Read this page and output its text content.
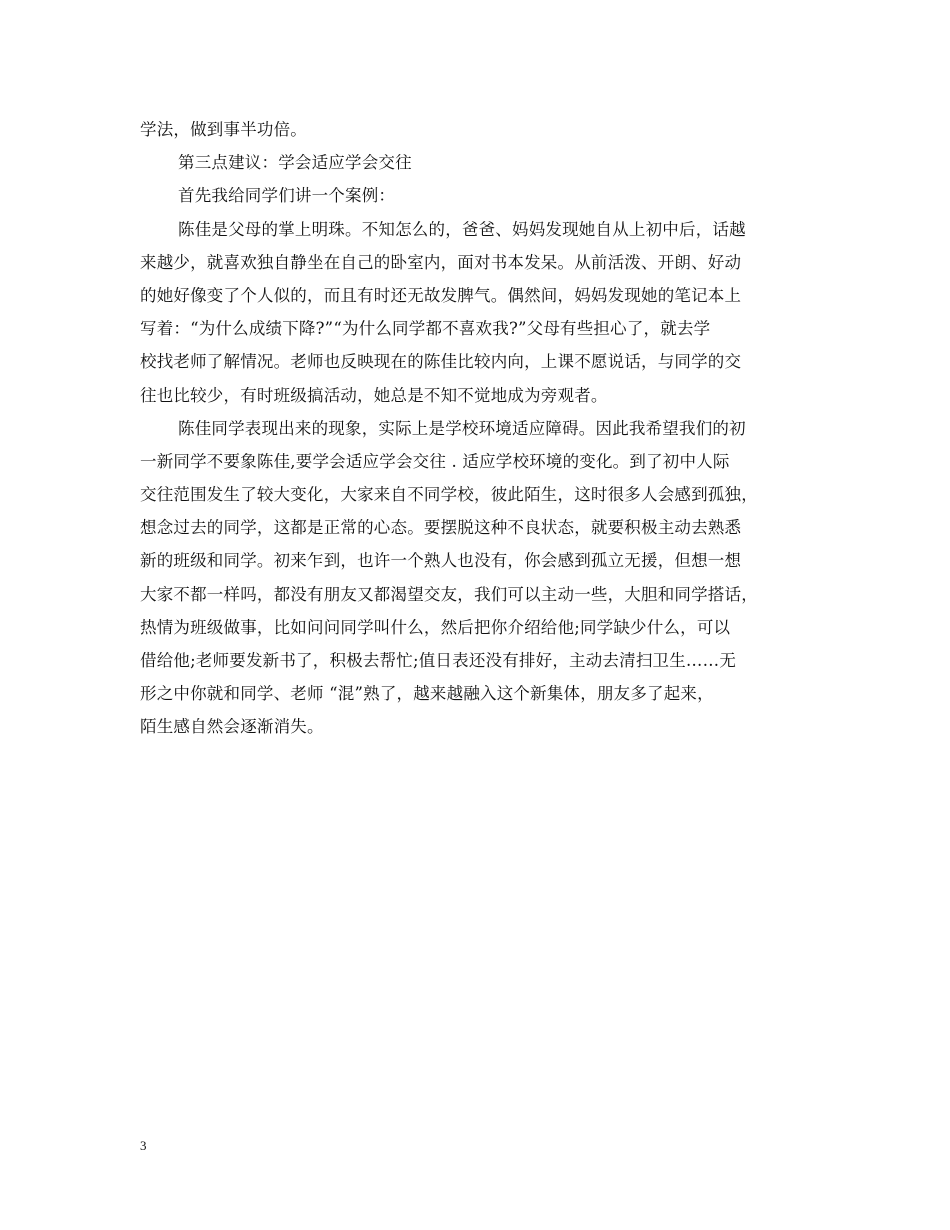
学法，做到事半功倍。
第三点建议：学会适应学会交往
首先我给同学们讲一个案例：
陈佳是父母的掌上明珠。不知怎么的，爸爸、妈妈发现她自从上初中后，话越
来越少，就喜欢独自静坐在自己的卧室内，面对书本发呆。从前活泼、开朗、好动
的她好像变了个人似的，而且有时还无故发脾气。偶然间，妈妈发现她的笔记本上
写着：“为什么成绩下降?”“为什么同学都不喜欢我?”父母有些担心了，就去学
校找老师了解情况。老师也反映现在的陈佳比较内向，上课不愿说话，与同学的交
往也比较少，有时班级搞活动，她总是不知不觉地成为旁观者。
陈佳同学表现出来的现象，实际上是学校环境适应障碍。因此我希望我们的初
一新同学不要象陈佳,要学会适应学会交往 . 适应学校环境的变化。到了初中人际
交往范围发生了较大变化，大家来自不同学校，彼此陌生，这时很多人会感到孤独，
想念过去的同学，这都是正常的心态。要摆脱这种不良状态，就要积极主动去熟悉
新的班级和同学。初来乍到，也许一个熟人也没有，你会感到孤立无援，但想一想
大家不都一样吗，都没有朋友又都渴望交友，我们可以主动一些，大胆和同学搭话，
热情为班级做事，比如问问同学叫什么，然后把你介绍给他;同学缺少什么，可以
借给他;老师要发新书了，积极去帮忙;值日表还没有排好，主动去清扫卫生……无
形之中你就和同学、老师 “混”熟了，越来越融入这个新集体，朋友多了起来，
陌生感自然会逐渐消失。
3
